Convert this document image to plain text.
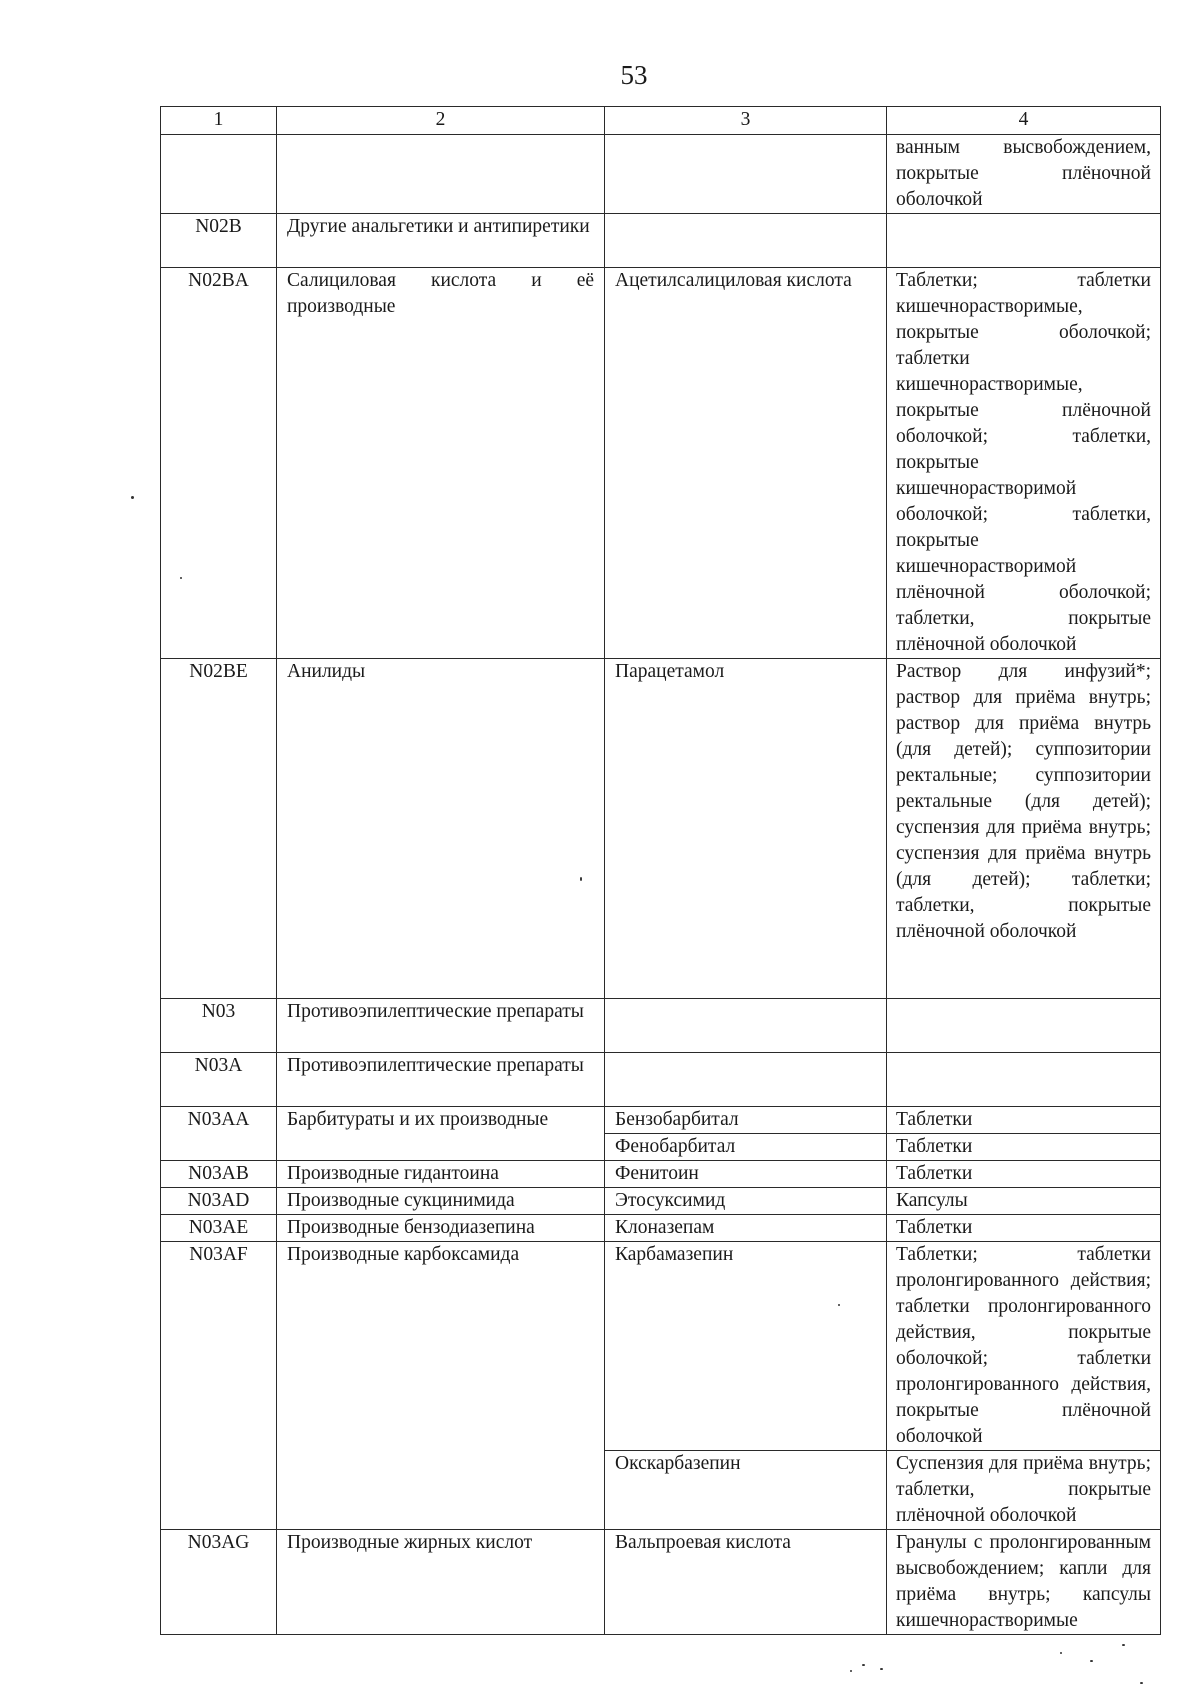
53
1	2	3	4
			ванным высвобождением, покрытые плёночной оболочкой
N02B	Другие анальгетики и антипиретики		
N02BA	Салициловая кислота и её производные	Ацетилсалициловая кислота	Таблетки; таблетки кишечнорастворимые, покрытые оболочкой; таблетки кишечнорастворимые, покрытые плёночной оболочкой; таблетки, покрытые кишечнорастворимой оболочкой; таблетки, покрытые кишечнорастворимой плёночной оболочкой; таблетки, покрытые плёночной оболочкой
N02BE	Анилиды	Парацетамол	Раствор для инфузий*; раствор для приёма внутрь; раствор для приёма внутрь (для детей); суппозитории ректальные; суппозитории ректальные (для детей); суспензия для приёма внутрь; суспензия для приёма внутрь (для детей); таблетки; таблетки, покрытые плёночной оболочкой
N03	Противоэпилептические препараты		
N03A	Противоэпилептические препараты		
N03AA	Барбитураты и их производные	Бензобарбитал	Таблетки
		Фенобарбитал	Таблетки
N03AB	Производные гидантоина	Фенитоин	Таблетки
N03AD	Производные сукцинимида	Этосуксимид	Капсулы
N03AE	Производные бензодиазепина	Клоназепам	Таблетки
N03AF	Производные карбоксамида	Карбамазепин	Таблетки; таблетки пролонгированного действия; таблетки пролонгированного действия, покрытые оболочкой; таблетки пролонгированного действия, покрытые плёночной оболочкой
		Окскарбазепин	Суспензия для приёма внутрь; таблетки, покрытые плёночной оболочкой
N03AG	Производные жирных кислот	Вальпроевая кислота	Гранулы с пролонгированным высвобождением; капли для приёма внутрь; капсулы кишечнорастворимые
